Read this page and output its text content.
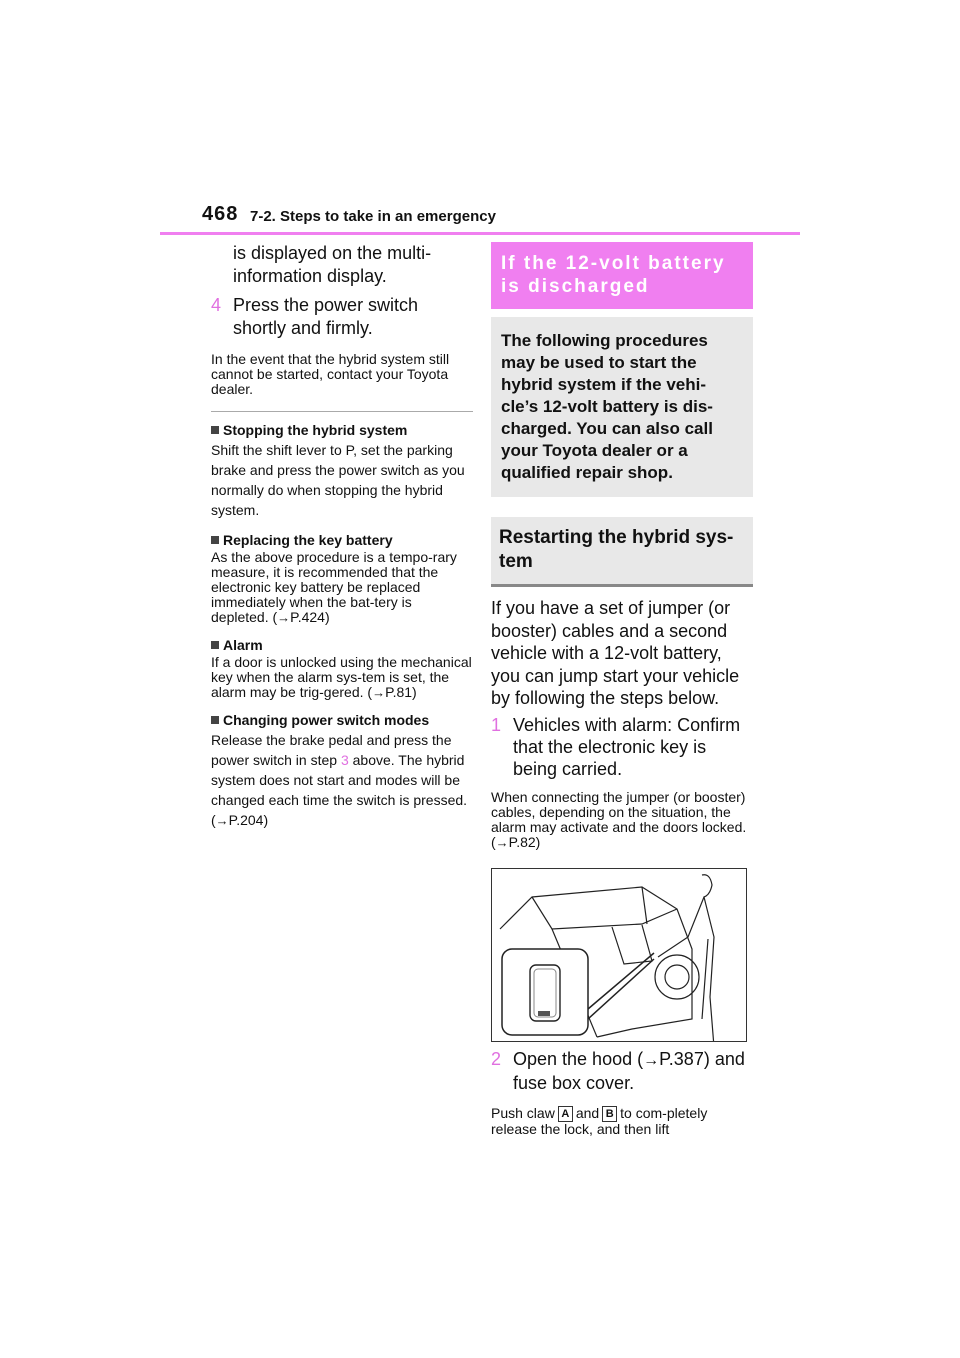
468 7-2. Steps to take in an emergency
is displayed on the multi-information display.
4 Press the power switch shortly and firmly.
In the event that the hybrid system still cannot be started, contact your Toyota dealer.
Stopping the hybrid system
Shift the shift lever to P, set the parking brake and press the power switch as you normally do when stopping the hybrid system.
Replacing the key battery
As the above procedure is a tempo-rary measure, it is recommended that the electronic key battery be replaced immediately when the bat-tery is depleted. (→P.424)
Alarm
If a door is unlocked using the mechanical key when the alarm sys-tem is set, the alarm may be trig-gered. (→P.81)
Changing power switch modes
Release the brake pedal and press the power switch in step 3 above. The hybrid system does not start and modes will be changed each time the switch is pressed.
(→P.204)
If the 12-volt battery is discharged
The following procedures may be used to start the hybrid system if the vehi-cle’s 12-volt battery is dis-charged. You can also call your Toyota dealer or a qualified repair shop.
Restarting the hybrid sys-tem
If you have a set of jumper (or booster) cables and a second vehicle with a 12-volt battery, you can jump start your vehicle by following the steps below.
1 Vehicles with alarm: Confirm that the electronic key is being carried.
When connecting the jumper (or booster) cables, depending on the situation, the alarm may activate and the doors locked. (→P.82)
2 Open the hood (→P.387) and fuse box cover.
Push claw A and B to com-pletely release the lock, and then lift
